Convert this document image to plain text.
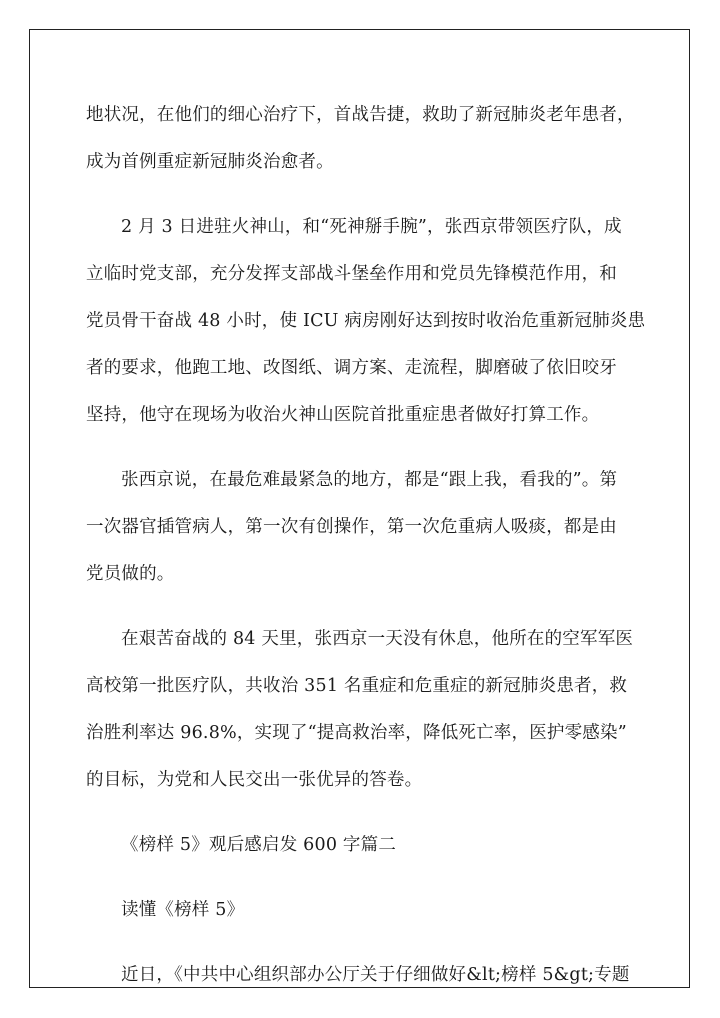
地状况，在他们的细心治疗下，首战告捷，救助了新冠肺炎老年患者，
成为首例重症新冠肺炎治愈者。

2 月 3 日进驻火神山，和“死神掰手腕”，张西京带领医疗队，成
立临时党支部，充分发挥支部战斗堡垒作用和党员先锋模范作用，和
党员骨干奋战 48 小时，使 ICU 病房刚好达到按时收治危重新冠肺炎患
者的要求，他跑工地、改图纸、调方案、走流程，脚磨破了依旧咬牙
坚持，他守在现场为收治火神山医院首批重症患者做好打算工作。

张西京说，在最危难最紧急的地方，都是“跟上我，看我的”。第
一次器官插管病人，第一次有创操作，第一次危重病人吸痰，都是由
党员做的。

在艰苦奋战的 84 天里，张西京一天没有休息，他所在的空军军医
高校第一批医疗队，共收治 351 名重症和危重症的新冠肺炎患者，救
治胜利率达 96.8%，实现了“提高救治率，降低死亡率，医护零感染”
的目标，为党和人民交出一张优异的答卷。

《榜样 5》观后感启发 600 字篇二

读懂《榜样 5》

近日，《中共中心组织部办公厅关于仔细做好&lt;榜样 5&gt;专题
